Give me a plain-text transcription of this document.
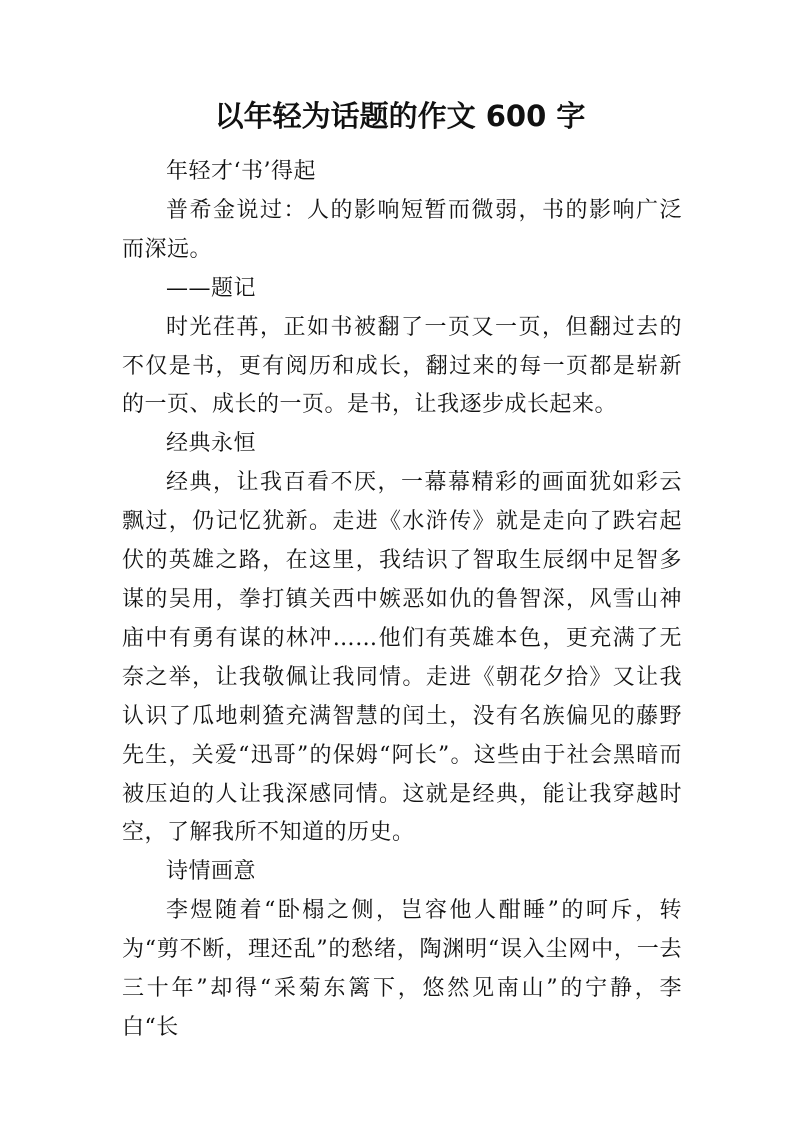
以年轻为话题的作文 600 字

年轻才‘书’得起

普希金说过：人的影响短暂而微弱，书的影响广泛而深远。

——题记

时光荏苒，正如书被翻了一页又一页，但翻过去的不仅是书，更有阅历和成长，翻过来的每一页都是崭新的一页、成长的一页。是书，让我逐步成长起来。

经典永恒

经典，让我百看不厌，一幕幕精彩的画面犹如彩云飘过，仍记忆犹新。走进《水浒传》就是走向了跌宕起伏的英雄之路，在这里，我结识了智取生辰纲中足智多谋的吴用，拳打镇关西中嫉恶如仇的鲁智深，风雪山神庙中有勇有谋的林冲……他们有英雄本色，更充满了无奈之举，让我敬佩让我同情。走进《朝花夕拾》又让我认识了瓜地刺猹充满智慧的闰土，没有名族偏见的藤野先生，关爱“迅哥”的保姆“阿长”。这些由于社会黑暗而被压迫的人让我深感同情。这就是经典，能让我穿越时空，了解我所不知道的历史。

诗情画意

李煜随着“卧榻之侧，岂容他人酣睡”的呵斥，转为“剪不断，理还乱”的愁绪，陶渊明“误入尘网中，一去三十年”却得“采菊东篱下，悠然见南山”的宁静，李白“长
